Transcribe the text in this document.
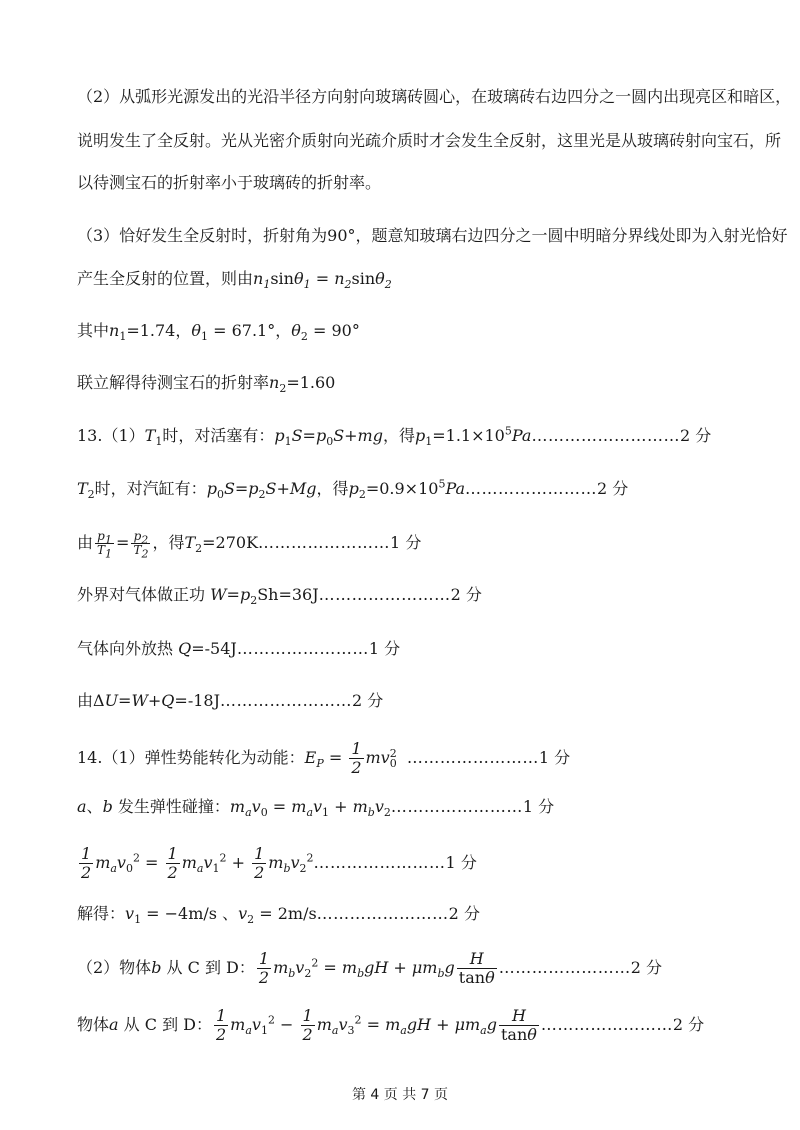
（2）从弧形光源发出的光沿半径方向射向玻璃砖圆心，在玻璃砖右边四分之一圆内出现亮区和暗区，
说明发生了全反射。光从光密介质射向光疏介质时才会发生全反射，这里光是从玻璃砖射向宝石，所
以待测宝石的折射率小于玻璃砖的折射率。
（3）恰好发生全反射时，折射角为90°，题意知玻璃右边四分之一圆中明暗分界线处即为入射光恰好
产生全反射的位置，则由$n_1\sin\theta_1 = n_2\sin\theta_2$
其中$n_1=1.74$，$\theta_1 = 67.1^\circ$，$\theta_2 = 90^\circ$
联立解得待测宝石的折射率$n_2=1.60$
$13.(1)T_1$时，对活塞有：$p_1S=p_0S+mg$，得$p_1=1.1\times 10^5Pa\dots\dots\dots\dots\dots\dots\dots\dots\dots 2$ 分
$T_2$时，对汽缸有：$p_0S=p_2S+Mg$，得$p_2=0.9\times 10^5Pa\dots\dots\dots\dots\dots\dots\dots\dots 2$ 分
由 $\frac{p_1}{T_1} = \frac{p_2}{T_2}$ ，得$T_2=270K\dots\dots\dots\dots\dots\dots\dots\dots 1$ 分
外界对气体做正功 $W=p_2Sh=36J\dots\dots\dots\dots\dots\dots\dots\dots 2$ 分
气体向外放热 Q=-54J……………………1 分
由ΔU=W+Q=-18J……………………2 分
14.（1）弹性势能转化为动能：$E_P = \frac{1}{2} mv_0^2$ ……………………1 分
a、b 发生弹性碰撞：$m_av_0 = m_av_1$ + $m_bv_2\dots\dots\dots\dots\dots\dots\dots\dots 1$ 分
$\frac{1}{2} m_av_0^2 = \frac{1}{2} m_av_1^2 + \frac{1}{2}$ $m_bv_2^2\dots\dots\dots\dots\dots\dots\dots\dots 1$ 分
解得：$v_1 = -4m/s$ 、$v_2$ = 2m/s……………………2 分
（2）物体b 从 C 到 D： $\frac{1}{2} m_bv_2^2 = m_bgH + \mu m_bg \frac{H}{\tan\theta}$ ……………………2 分
物体a 从 C 到 D： $\frac{1}{2} m_av_1^2 - \frac{1}{2} m_av_3^2 = m_agH + \mu m_ag \frac{H}{\tan\theta}$ ……………………2 分
第 4 页 共 7 页
